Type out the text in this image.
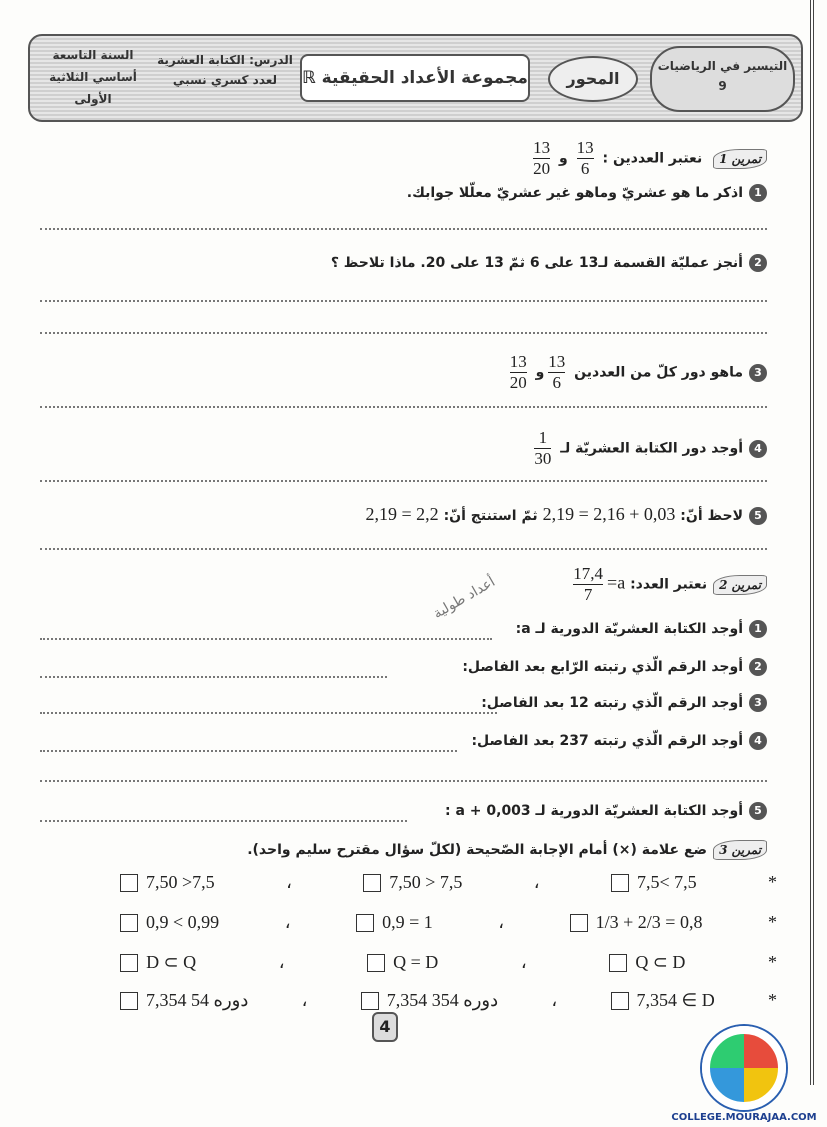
السنة التاسعة أساسي الثلاثية الأولى
الدرس: الكتابة العشرية لعدد كسري نسبي	مجموعة الأعداد الحقيقية ℝ	المحور
التيسير في الرياضيات 9
تمرين 1 نعتبر العددين :
$\frac{13}{6}$
و
$\frac{13}{20}$
1اذكر ما هو عشريّ وماهو غير عشريّ معلّلا جوابك.
2أنجز عمليّة القسمة لـ13 على 6 ثمّ 13 على 20. ماذا تلاحظ ؟
3ماهو دور كلّ من العددين
$\frac{13}{6}$
و
$\frac{13}{20}$
4أوجد دور الكتابة العشريّة لـ
$\frac{1}{30}$
5لاحظ أنّ: 2,19 = 2,16 + 0,03 ثمّ استنتج أنّ: 2,19 = 2,2
تمرين 2نعتبر العدد: a=
$\frac{17,4}{7}$
أعداد طولية
1أوجد الكتابة العشريّة الدورية لـ a:
2أوجد الرقم الّذي رتبته الرّابع بعد الفاصل:
3أوجد الرقم الّذي رتبته 12 بعد الفاصل:
4أوجد الرقم الّذي رتبته 237 بعد الفاصل:
5أوجد الكتابة العشريّة الدورية لـ a + 0,003 :
تمرين 3ضع علامة (×) أمام الإجابة الصّحيحة (لكلّ سؤال مقترح سليم واحد).
*
7,5< 7,5
،
7,50 > 7,5
،
7,50 >7,5
*
1/3 + 2/3 = 0,8
،
0,9 = 1
،
0,9 < 0,99
*
Q ⊂ D
،
Q = D
،
D ⊂ Q
*
7,354 ∈ D
،
7,354 دوره 354
،
7,354 دوره 54
4
COLLEGE.MOURAJAA.COM
